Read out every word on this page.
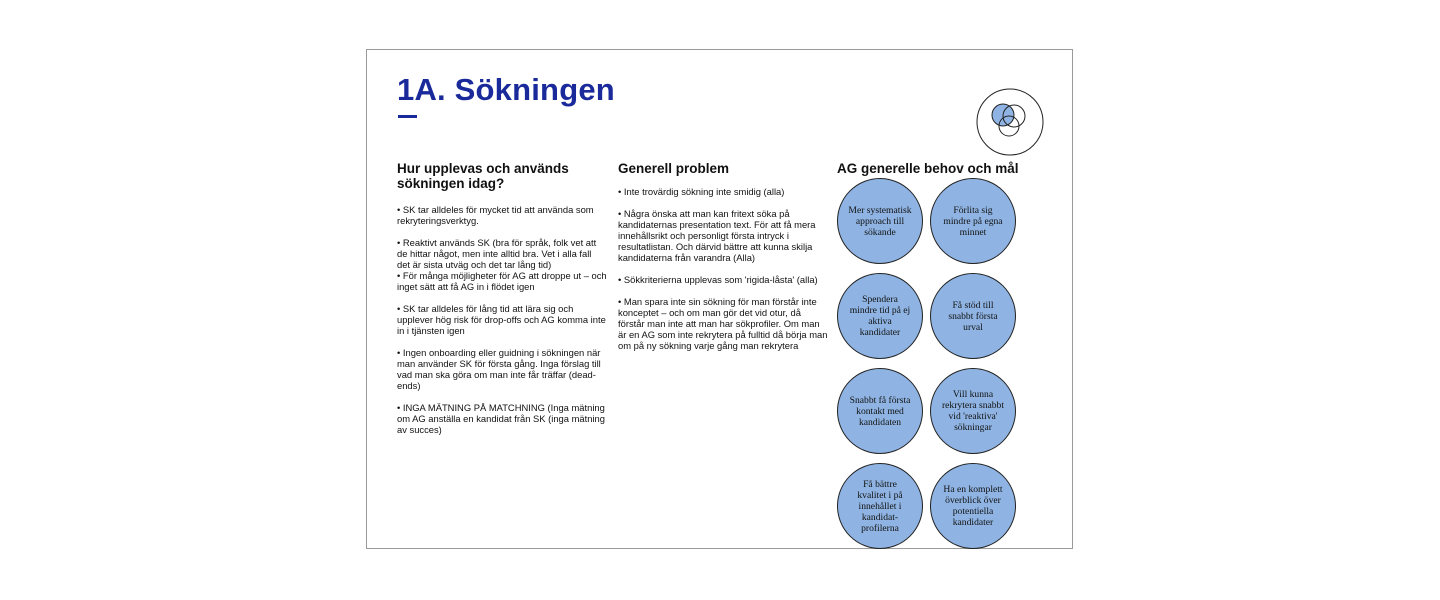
1A. Sökningen
Hur upplevas och används sökningen idag?
• SK tar alldeles för mycket tid att använda som rekryteringsverktyg.
• Reaktivt används SK (bra för språk, folk vet att de hittar något, men inte alltid bra. Vet i alla fall det är sista utväg och det tar lång tid)
• För många möjligheter för AG att droppe ut – och inget sätt att få AG in i flödet igen
• SK tar alldeles för lång tid att lära sig och upplever hög risk för drop-offs och AG komma inte in i tjänsten igen
• Ingen onboarding eller guidning i sökningen när man använder SK för första gång. Inga förslag till vad man ska göra om man inte får träffar (dead-ends)
• INGA MÄTNING PÅ MATCHNING (Inga mätning om AG anställa en kandidat från SK (inga mätning av succes)
Generell problem
• Inte trovärdig sökning inte smidig (alla)
• Några önska att man kan fritext söka på kandidaternas presentation text. För att få mera innehållsrikt och personligt första intryck i resultatlistan. Och därvid bättre att kunna skilja kandidaterna från varandra (Alla)
• Sökkriterierna upplevas som 'rigida-låsta' (alla)
• Man spara inte sin sökning för man förstår inte konceptet – och om man gör det vid otur, då förstår man inte att man har sökprofiler. Om man är en AG som inte rekrytera på fulltid då börja man om på ny sökning varje gång man rekrytera
AG generelle behov och mål
Mer systematisk approach till sökande
Förlita sig mindre på egna minnet
Spendera mindre tid på ej aktiva kandidater
Få stöd till snabbt första urval
Snabbt få första kontakt med kandidaten
Vill kunna rekrytera snabbt vid 'reaktiva' sökningar
Få bättre kvalitet i på innehållet i kandidat-profilerna
Ha en komplett överblick över potentiella kandidater
